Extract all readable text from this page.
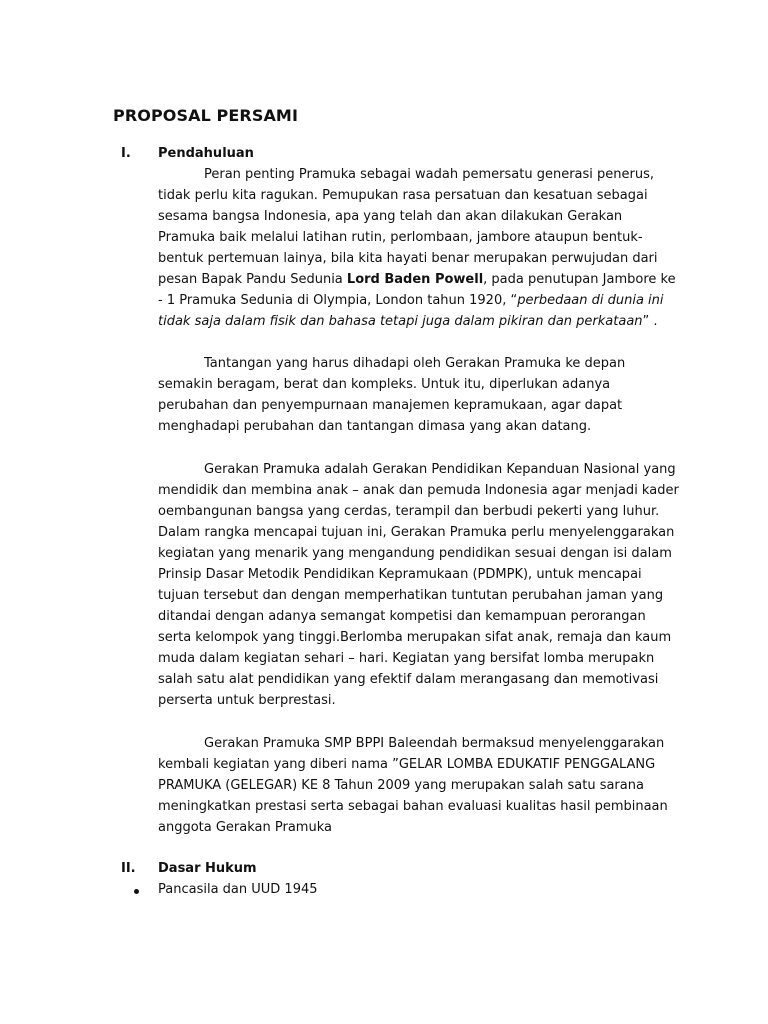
PROPOSAL PERSAMI
I. Pendahuluan
Peran penting Pramuka sebagai wadah pemersatu generasi penerus,
tidak perlu kita ragukan. Pemupukan rasa persatuan dan kesatuan sebagai
sesama bangsa Indonesia, apa yang telah dan akan dilakukan Gerakan
Pramuka baik melalui latihan rutin, perlombaan, jambore ataupun bentuk-
bentuk pertemuan lainya, bila kita hayati benar merupakan perwujudan dari
pesan Bapak Pandu Sedunia Lord Baden Powell, pada penutupan Jambore ke
- 1 Pramuka Sedunia di Olympia, London tahun 1920, “perbedaan di dunia ini
tidak saja dalam fisik dan bahasa tetapi juga dalam pikiran dan perkataan” .
Tantangan yang harus dihadapi oleh Gerakan Pramuka ke depan
semakin beragam, berat dan kompleks. Untuk itu, diperlukan adanya
perubahan dan penyempurnaan manajemen kepramukaan, agar dapat
menghadapi perubahan dan tantangan dimasa yang akan datang.
Gerakan Pramuka adalah Gerakan Pendidikan Kepanduan Nasional yang
mendidik dan membina anak – anak dan pemuda Indonesia agar menjadi kader
oembangunan bangsa yang cerdas, terampil dan berbudi pekerti yang luhur.
Dalam rangka mencapai tujuan ini, Gerakan Pramuka perlu menyelenggarakan
kegiatan yang menarik yang mengandung pendidikan sesuai dengan isi dalam
Prinsip Dasar Metodik Pendidikan Kepramukaan (PDMPK), untuk mencapai
tujuan tersebut dan dengan memperhatikan tuntutan perubahan jaman yang
ditandai dengan adanya semangat kompetisi dan kemampuan perorangan
serta kelompok yang tinggi.Berlomba merupakan sifat anak, remaja dan kaum
muda dalam kegiatan sehari – hari. Kegiatan yang bersifat lomba merupakn
salah satu alat pendidikan yang efektif dalam merangasang dan memotivasi
perserta untuk berprestasi.
Gerakan Pramuka SMP BPPI Baleendah bermaksud menyelenggarakan
kembali kegiatan yang diberi nama ”GELAR LOMBA EDUKATIF PENGGALANG
PRAMUKA (GELEGAR) KE 8 Tahun 2009 yang merupakan salah satu sarana
meningkatkan prestasi serta sebagai bahan evaluasi kualitas hasil pembinaan
anggota Gerakan Pramuka
II. Dasar Hukum
Pancasila dan UUD 1945
